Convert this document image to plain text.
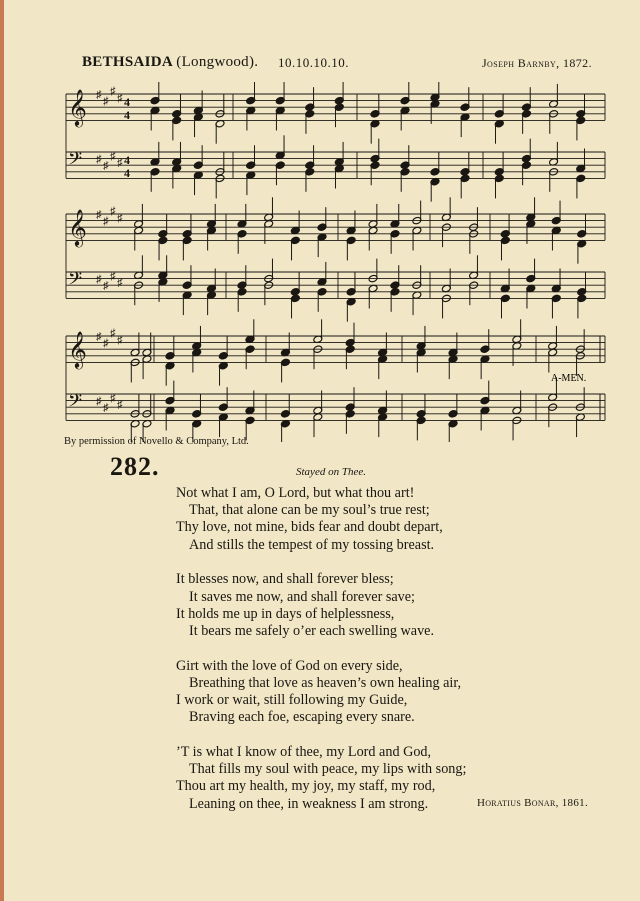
BETHSAIDA (Longwood). 10.10.10.10.	Joseph Barnby, 1872.
𝄞 ♯
♯
♯
♯ 4
4
𝄢 ♯
♯
♯
♯ 4
4
𝄞 ♯
♯
♯
♯
𝄢 ♯
♯
♯
♯
𝄞 ♯
♯
♯
♯
𝄢 ♯
♯
♯
♯
A-MEN.
By permission of Novello & Company, Ltd.
282.	Stayed on Thee.
Not what I am, O Lord, but what thou art!
That, that alone can be my soul’s true rest;
Thy love, not mine, bids fear and doubt depart,
And stills the tempest of my tossing breast.
It blesses now, and shall forever bless;
It saves me now, and shall forever save;
It holds me up in days of helplessness,
It bears me safely o’er each swelling wave.
Girt with the love of God on every side,
Breathing that love as heaven’s own healing air,
I work or wait, still following my Guide,
Braving each foe, escaping every snare.
’T is what I know of thee, my Lord and God,
That fills my soul with peace, my lips with song;
Thou art my health, my joy, my staff, my rod,
Leaning on thee, in weakness I am strong.	Horatius Bonar, 1861.
